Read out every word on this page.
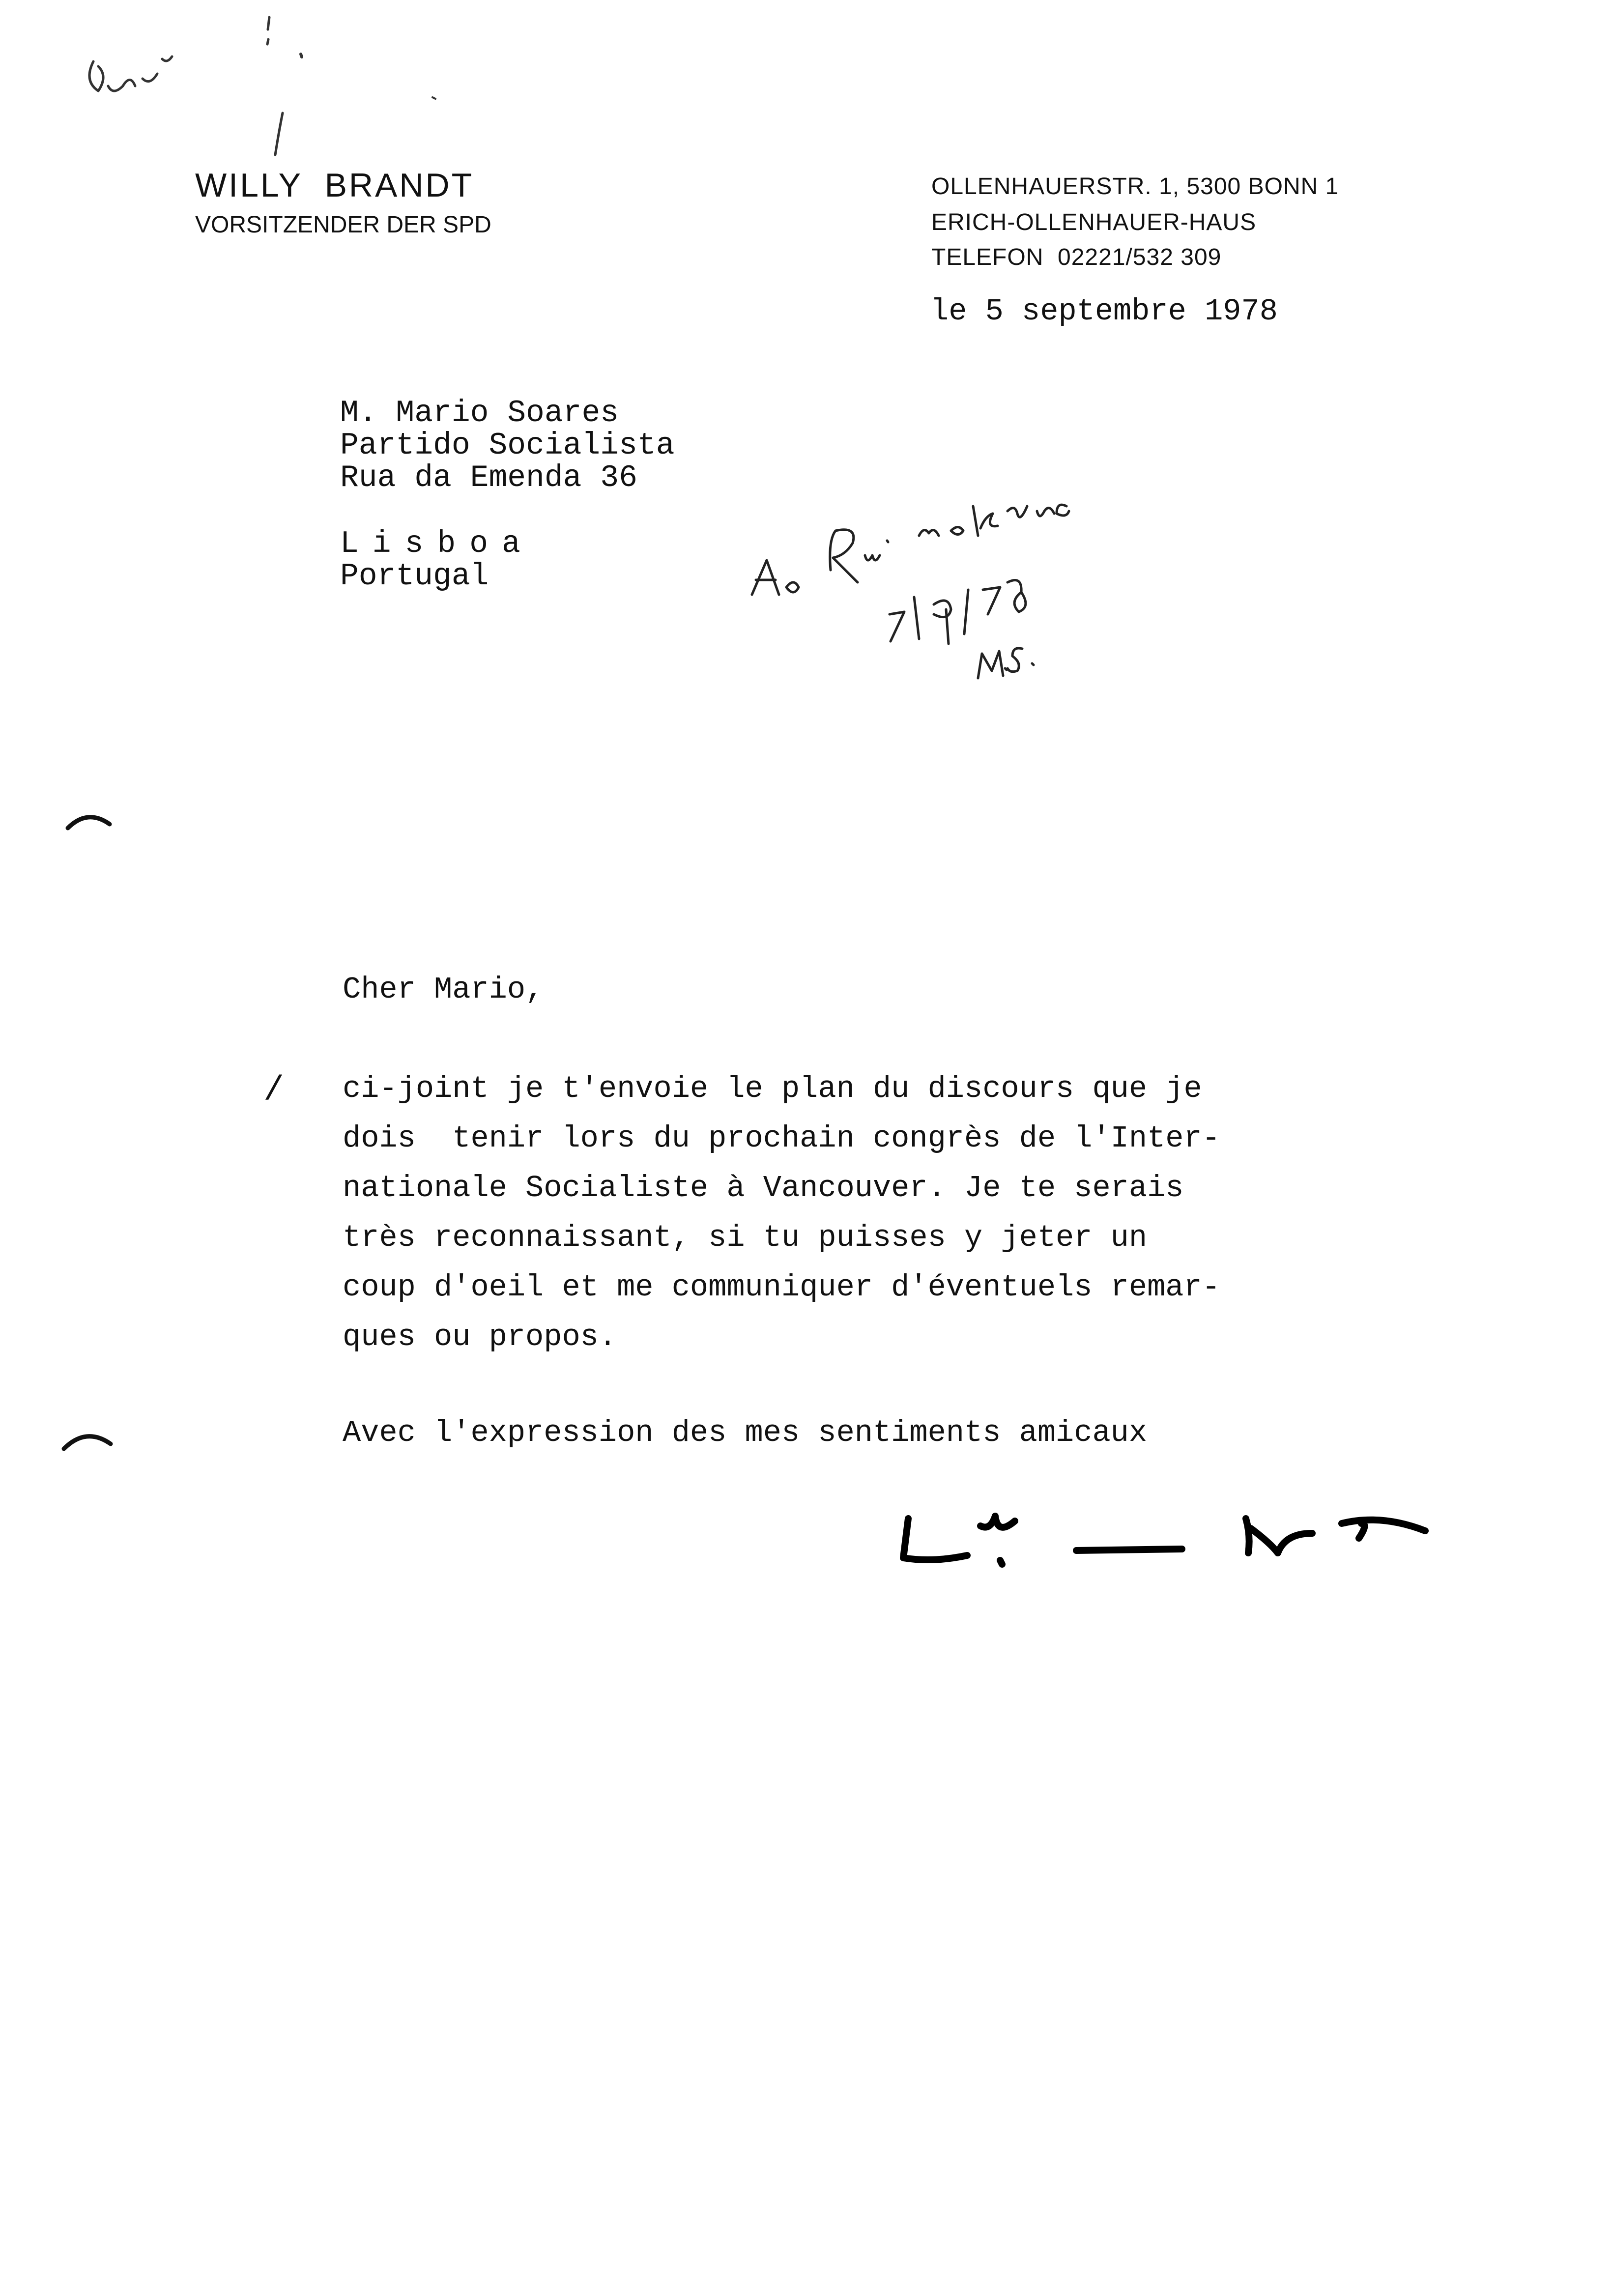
WILLY  BRANDT
VORSITZENDER DER SPD
OLLENHAUERSTR. 1, 5300 BONN 1
ERICH-OLLENHAUER-HAUS
TELEFON  02221/532 309
le 5 septembre 1978
M. Mario Soares
Partido Socialista
Rua da Emenda 36
Lisboa
Portugal
Cher Mario,
/ ci-joint je t'envoie le plan du discours que je
dois  tenir lors du prochain congrès de l'Inter-
nationale Socialiste à Vancouver. Je te serais
très reconnaissant, si tu puisses y jeter un
coup d'oeil et me communiquer d'éventuels remar-
ques ou propos.
Avec l'expression des mes sentiments amicaux
